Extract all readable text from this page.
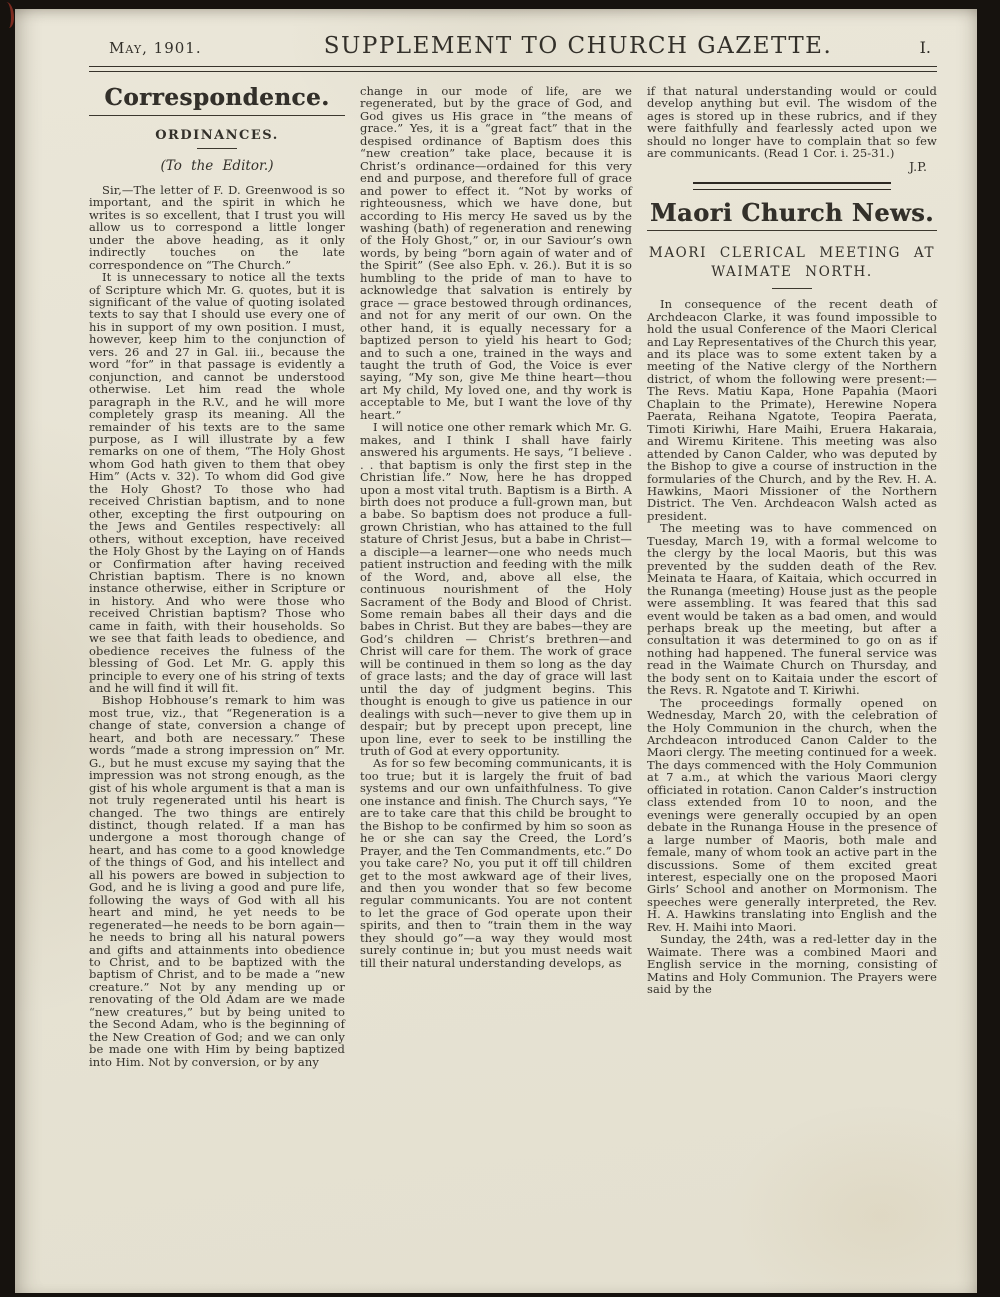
May, 1901.	SUPPLEMENT TO CHURCH GAZETTE.	I.
Correspondence.
ORDINANCES.
(To the Editor.)

Sir,—The letter of F. D. Greenwood is so important, and the spirit in which he writes is so excellent, that I trust you will allow us to correspond a little longer under the above heading, as it only indirectly touches on the late correspondence on “The Church.”

It is unnecessary to notice all the texts of Scripture which Mr. G. quotes, but it is significant of the value of quoting isolated texts to say that I should use every one of his in support of my own position. I must, however, keep him to the conjunction of vers. 26 and 27 in Gal. iii., because the word “for” in that passage is evidently a conjunction, and cannot be understood otherwise. Let him read the whole paragraph in the R.V., and he will more completely grasp its meaning. All the remainder of his texts are to the same purpose, as I will illustrate by a few remarks on one of them, “The Holy Ghost whom God hath given to them that obey Him” (Acts v. 32). To whom did God give the Holy Ghost? To those who had received Christian baptism, and to none other, excepting the first outpouring on the Jews and Gentiles respectively: all others, without exception, have received the Holy Ghost by the Laying on of Hands or Confirmation after having received Christian baptism. There is no known instance otherwise, either in Scripture or in history. And who were those who received Christian baptism? Those who came in faith, with their households. So we see that faith leads to obedience, and obedience receives the fulness of the blessing of God. Let Mr. G. apply this principle to every one of his string of texts and he will find it will fit.

Bishop Hobhouse’s remark to him was most true, viz., that “Regeneration is a change of state, conversion a change of heart, and both are necessary.” These words “made a strong impression on” Mr. G., but he must excuse my saying that the impression was not strong enough, as the gist of his whole argument is that a man is not truly regenerated until his heart is changed. The two things are entirely distinct, though related. If a man has undergone a most thorough change of heart, and has come to a good knowledge of the things of God, and his intellect and all his powers are bowed in subjection to God, and he is living a good and pure life, following the ways of God with all his heart and mind, he yet needs to be regenerated—he needs to be born again—he needs to bring all his natural powers and gifts and attainments into obedience to Christ, and to be baptized with the baptism of Christ, and to be made a “new creature.” Not by any mending up or renovating of the Old Adam are we made “new creatures,” but by being united to the Second Adam, who is the beginning of the New Creation of God; and we can only be made one with Him by being baptized into Him. Not by conversion, or by any

change in our mode of life, are we regenerated, but by the grace of God, and God gives us His grace in “the means of grace.” Yes, it is a “great fact” that in the despised ordinance of Baptism does this “new creation” take place, because it is Christ’s ordinance—ordained for this very end and purpose, and therefore full of grace and power to effect it. “Not by works of righteousness, which we have done, but according to His mercy He saved us by the washing (bath) of regeneration and renewing of the Holy Ghost,” or, in our Saviour’s own words, by being “born again of water and of the Spirit” (See also Eph. v. 26.). But it is so humbling to the pride of man to have to acknowledge that salvation is entirely by grace — grace bestowed through ordinances, and not for any merit of our own. On the other hand, it is equally necessary for a baptized person to yield his heart to God; and to such a one, trained in the ways and taught the truth of God, the Voice is ever saying, “My son, give Me thine heart—thou art My child, My loved one, and thy work is acceptable to Me, but I want the love of thy heart.”

I will notice one other remark which Mr. G. makes, and I think I shall have fairly answered his arguments. He says, “I believe . . . that baptism is only the first step in the Christian life.” Now, here he has dropped upon a most vital truth. Baptism is a Birth. A birth does not produce a full-grown man, but a babe. So baptism does not produce a full-grown Christian, who has attained to the full stature of Christ Jesus, but a babe in Christ—a disciple—a learner—one who needs much patient instruction and feeding with the milk of the Word, and, above all else, the continuous nourishment of the Holy Sacrament of the Body and Blood of Christ. Some remain babes all their days and die babes in Christ. But they are babes—they are God’s children — Christ’s brethren—and Christ will care for them. The work of grace will be continued in them so long as the day of grace lasts; and the day of grace will last until the day of judgment begins. This thought is enough to give us patience in our dealings with such—never to give them up in despair; but by precept upon precept, line upon line, ever to seek to be instilling the truth of God at every opportunity.

As for so few becoming communicants, it is too true; but it is largely the fruit of bad systems and our own unfaithfulness. To give one instance and finish. The Church says, “Ye are to take care that this child be brought to the Bishop to be confirmed by him so soon as he or she can say the Creed, the Lord’s Prayer, and the Ten Commandments, etc.” Do you take care? No, you put it off till children get to the most awkward age of their lives, and then you wonder that so few become regular communicants. You are not content to let the grace of God operate upon their spirits, and then to “train them in the way they should go”—a way they would most surely continue in; but you must needs wait till their natural understanding develops, as

if that natural understanding would or could develop anything but evil. The wisdom of the ages is stored up in these rubrics, and if they were faithfully and fearlessly acted upon we should no longer have to complain that so few are communicants. (Read 1 Cor. i. 25-31.)

J.P.
Maori Church News.
MAORI CLERICAL MEETING AT
WAIMATE NORTH.

In consequence of the recent death of Archdeacon Clarke, it was found impossible to hold the usual Conference of the Maori Clerical and Lay Representatives of the Church this year, and its place was to some extent taken by a meeting of the Native clergy of the Northern district, of whom the following were present:—The Revs. Matiu Kapa, Hone Papahia (Maori Chaplain to the Primate), Herewine Nopera Paerata, Reihana Ngatote, Teopira Paerata, Timoti Kiriwhi, Hare Maihi, Eruera Hakaraia, and Wiremu Kiritene. This meeting was also attended by Canon Calder, who was deputed by the Bishop to give a course of instruction in the formularies of the Church, and by the Rev. H. A. Hawkins, Maori Missioner of the Northern District. The Ven. Archdeacon Walsh acted as president.

The meeting was to have commenced on Tuesday, March 19, with a formal welcome to the clergy by the local Maoris, but this was prevented by the sudden death of the Rev. Meinata te Haara, of Kaitaia, which occurred in the Runanga (meeting) House just as the people were assembling. It was feared that this sad event would be taken as a bad omen, and would perhaps break up the meeting, but after a consultation it was determined to go on as if nothing had happened. The funeral service was read in the Waimate Church on Thursday, and the body sent on to Kaitaia under the escort of the Revs. R. Ngatote and T. Kiriwhi.

The proceedings formally opened on Wednesday, March 20, with the celebration of the Holy Communion in the church, when the Archdeacon introduced Canon Calder to the Maori clergy. The meeting continued for a week. The days commenced with the Holy Communion at 7 a.m., at which the various Maori clergy officiated in rotation. Canon Calder’s instruction class extended from 10 to noon, and the evenings were generally occupied by an open debate in the Runanga House in the presence of a large number of Maoris, both male and female, many of whom took an active part in the discussions. Some of them excited great interest, especially one on the proposed Maori Girls’ School and another on Mormonism. The speeches were generally interpreted, the Rev. H. A. Hawkins translating into English and the Rev. H. Maihi into Maori.

Sunday, the 24th, was a red-letter day in the Waimate. There was a combined Maori and English service in the morning, consisting of Matins and Holy Communion. The Prayers were said by the
